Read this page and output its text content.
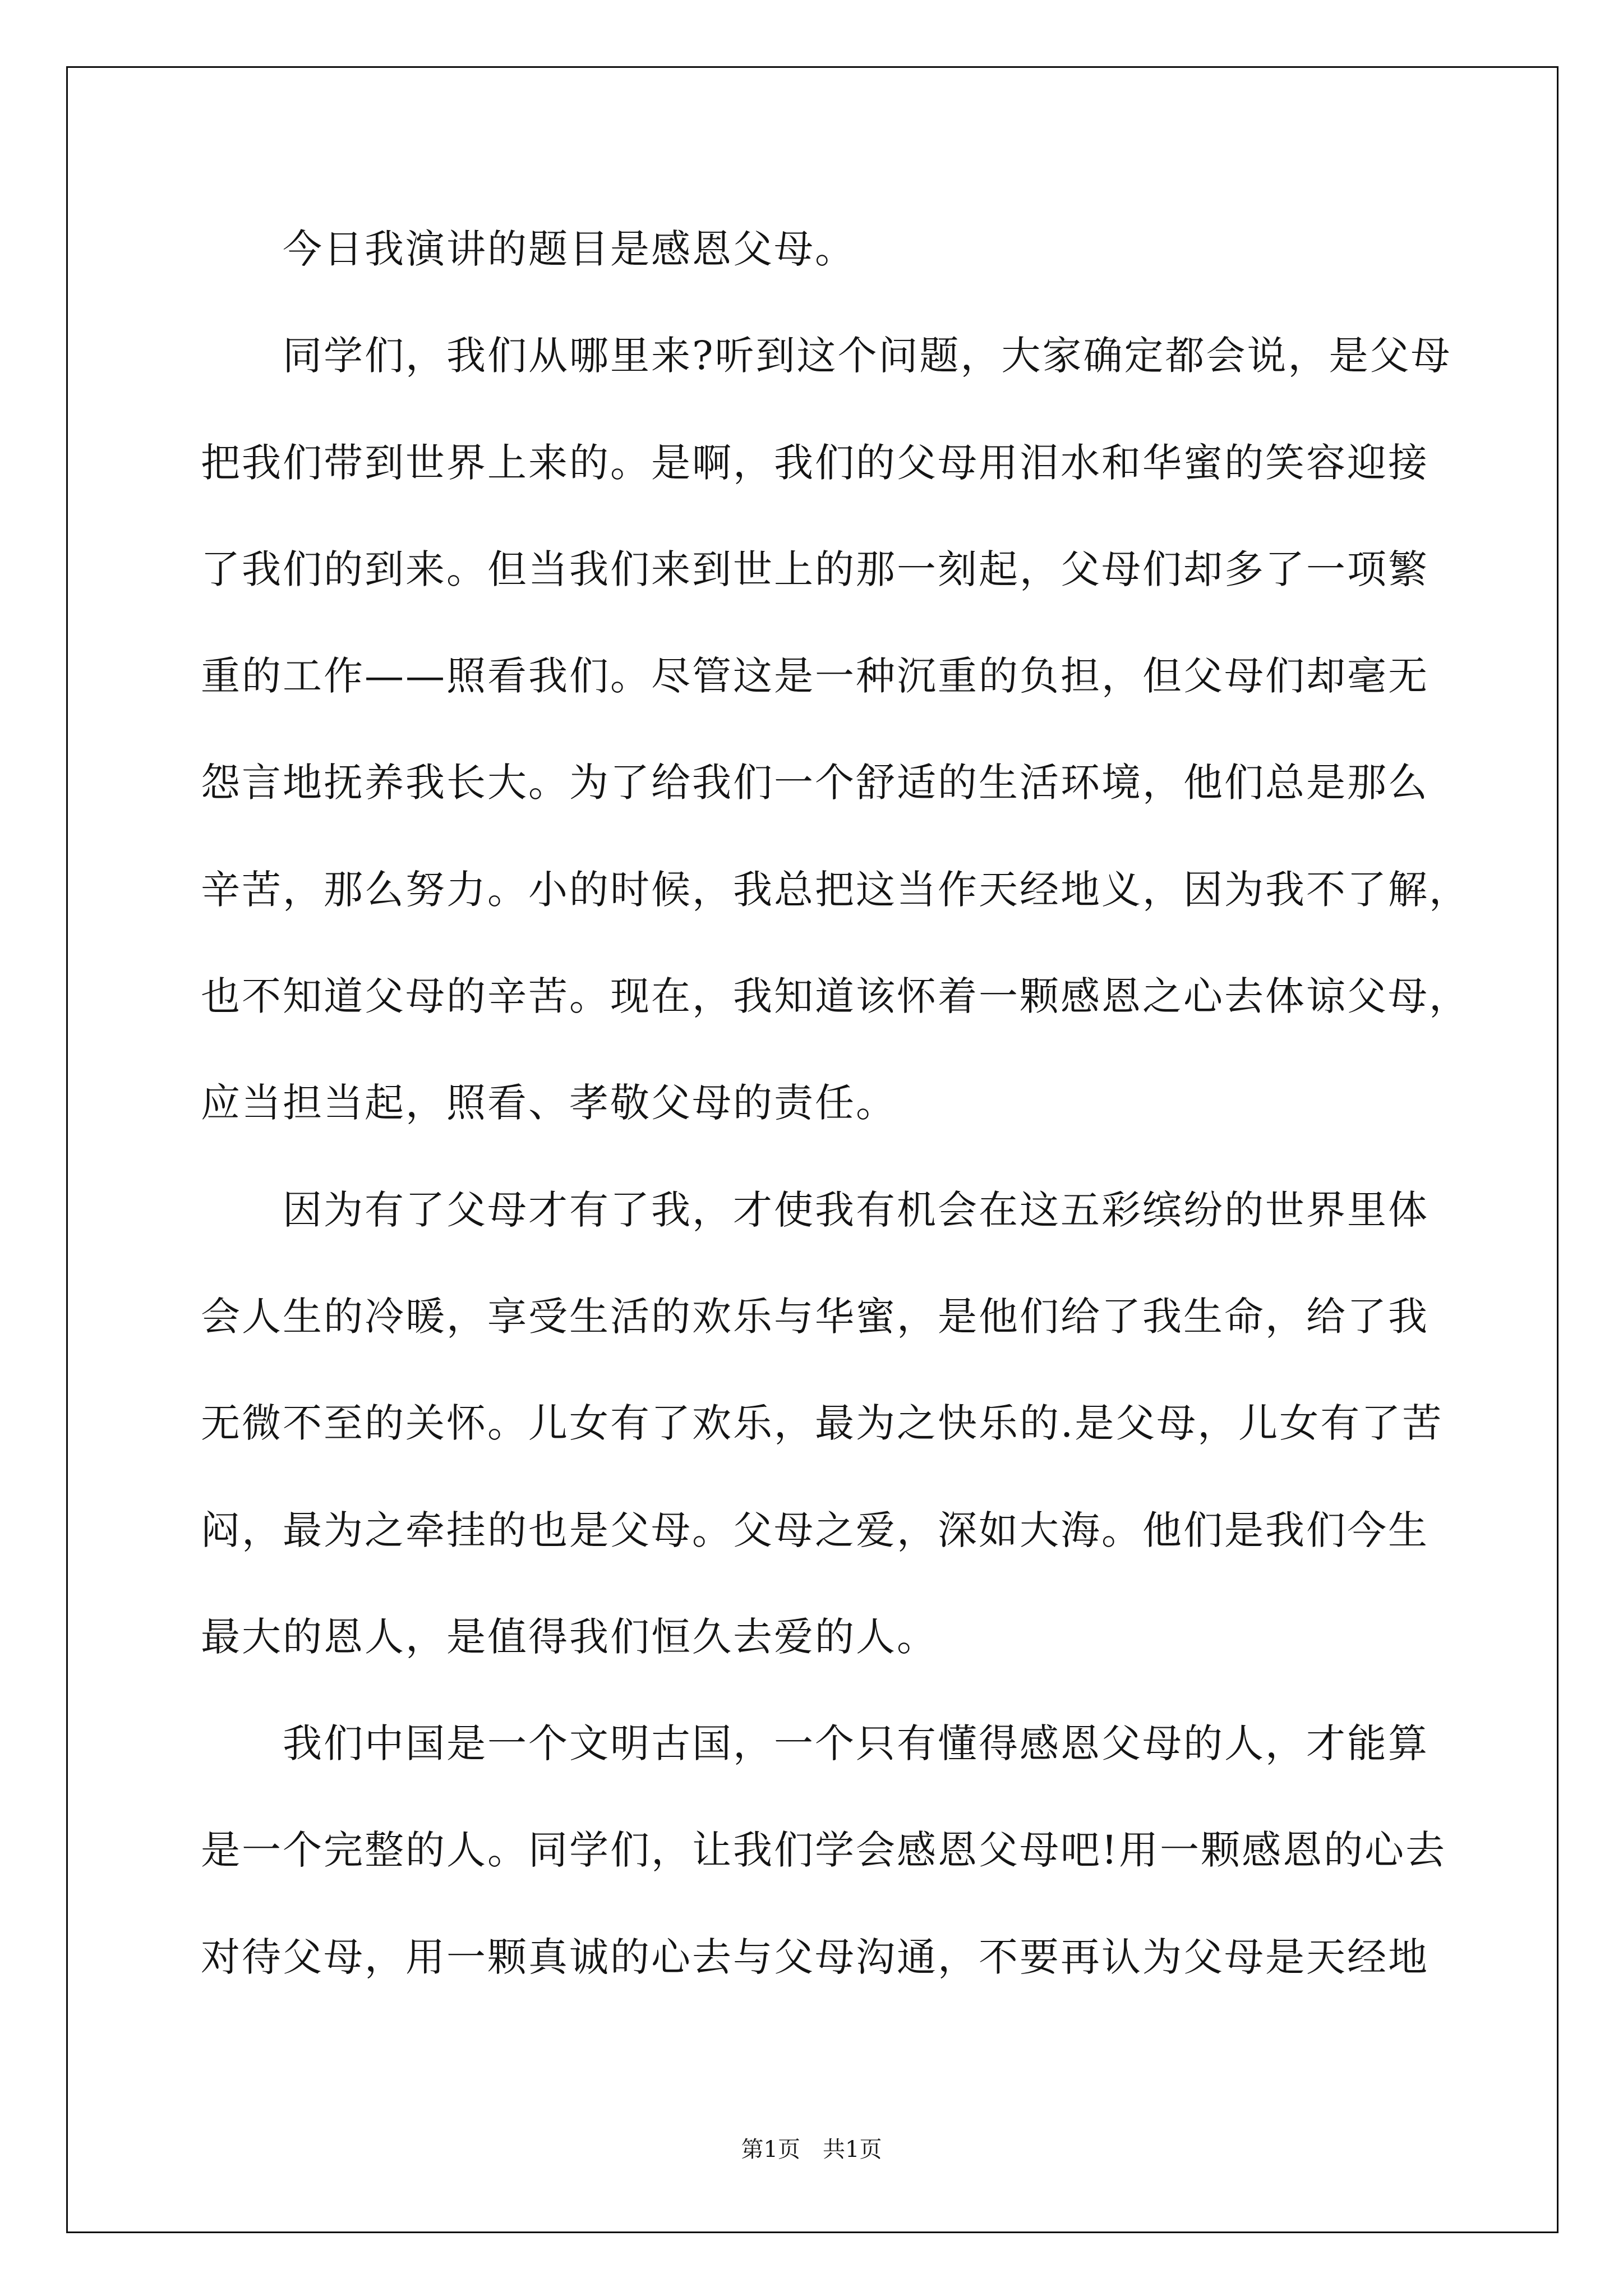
今日我演讲的题目是感恩父母。
同学们，我们从哪里来?听到这个问题，大家确定都会说，是父母
把我们带到世界上来的。是啊，我们的父母用泪水和华蜜的笑容迎接
了我们的到来。但当我们来到世上的那一刻起，父母们却多了一项繁
重的工作——照看我们。尽管这是一种沉重的负担，但父母们却毫无
怨言地抚养我长大。为了给我们一个舒适的生活环境，他们总是那么
辛苦，那么努力。小的时候，我总把这当作天经地义，因为我不了解，
也不知道父母的辛苦。现在，我知道该怀着一颗感恩之心去体谅父母，
应当担当起，照看、孝敬父母的责任。
因为有了父母才有了我，才使我有机会在这五彩缤纷的世界里体
会人生的冷暖，享受生活的欢乐与华蜜，是他们给了我生命，给了我
无微不至的关怀。儿女有了欢乐，最为之快乐的.是父母，儿女有了苦
闷，最为之牵挂的也是父母。父母之爱，深如大海。他们是我们今生
最大的恩人，是值得我们恒久去爱的人。
我们中国是一个文明古国，一个只有懂得感恩父母的人，才能算
是一个完整的人。同学们，让我们学会感恩父母吧!用一颗感恩的心去
对待父母，用一颗真诚的心去与父母沟通，不要再认为父母是天经地
第1页 共1页
